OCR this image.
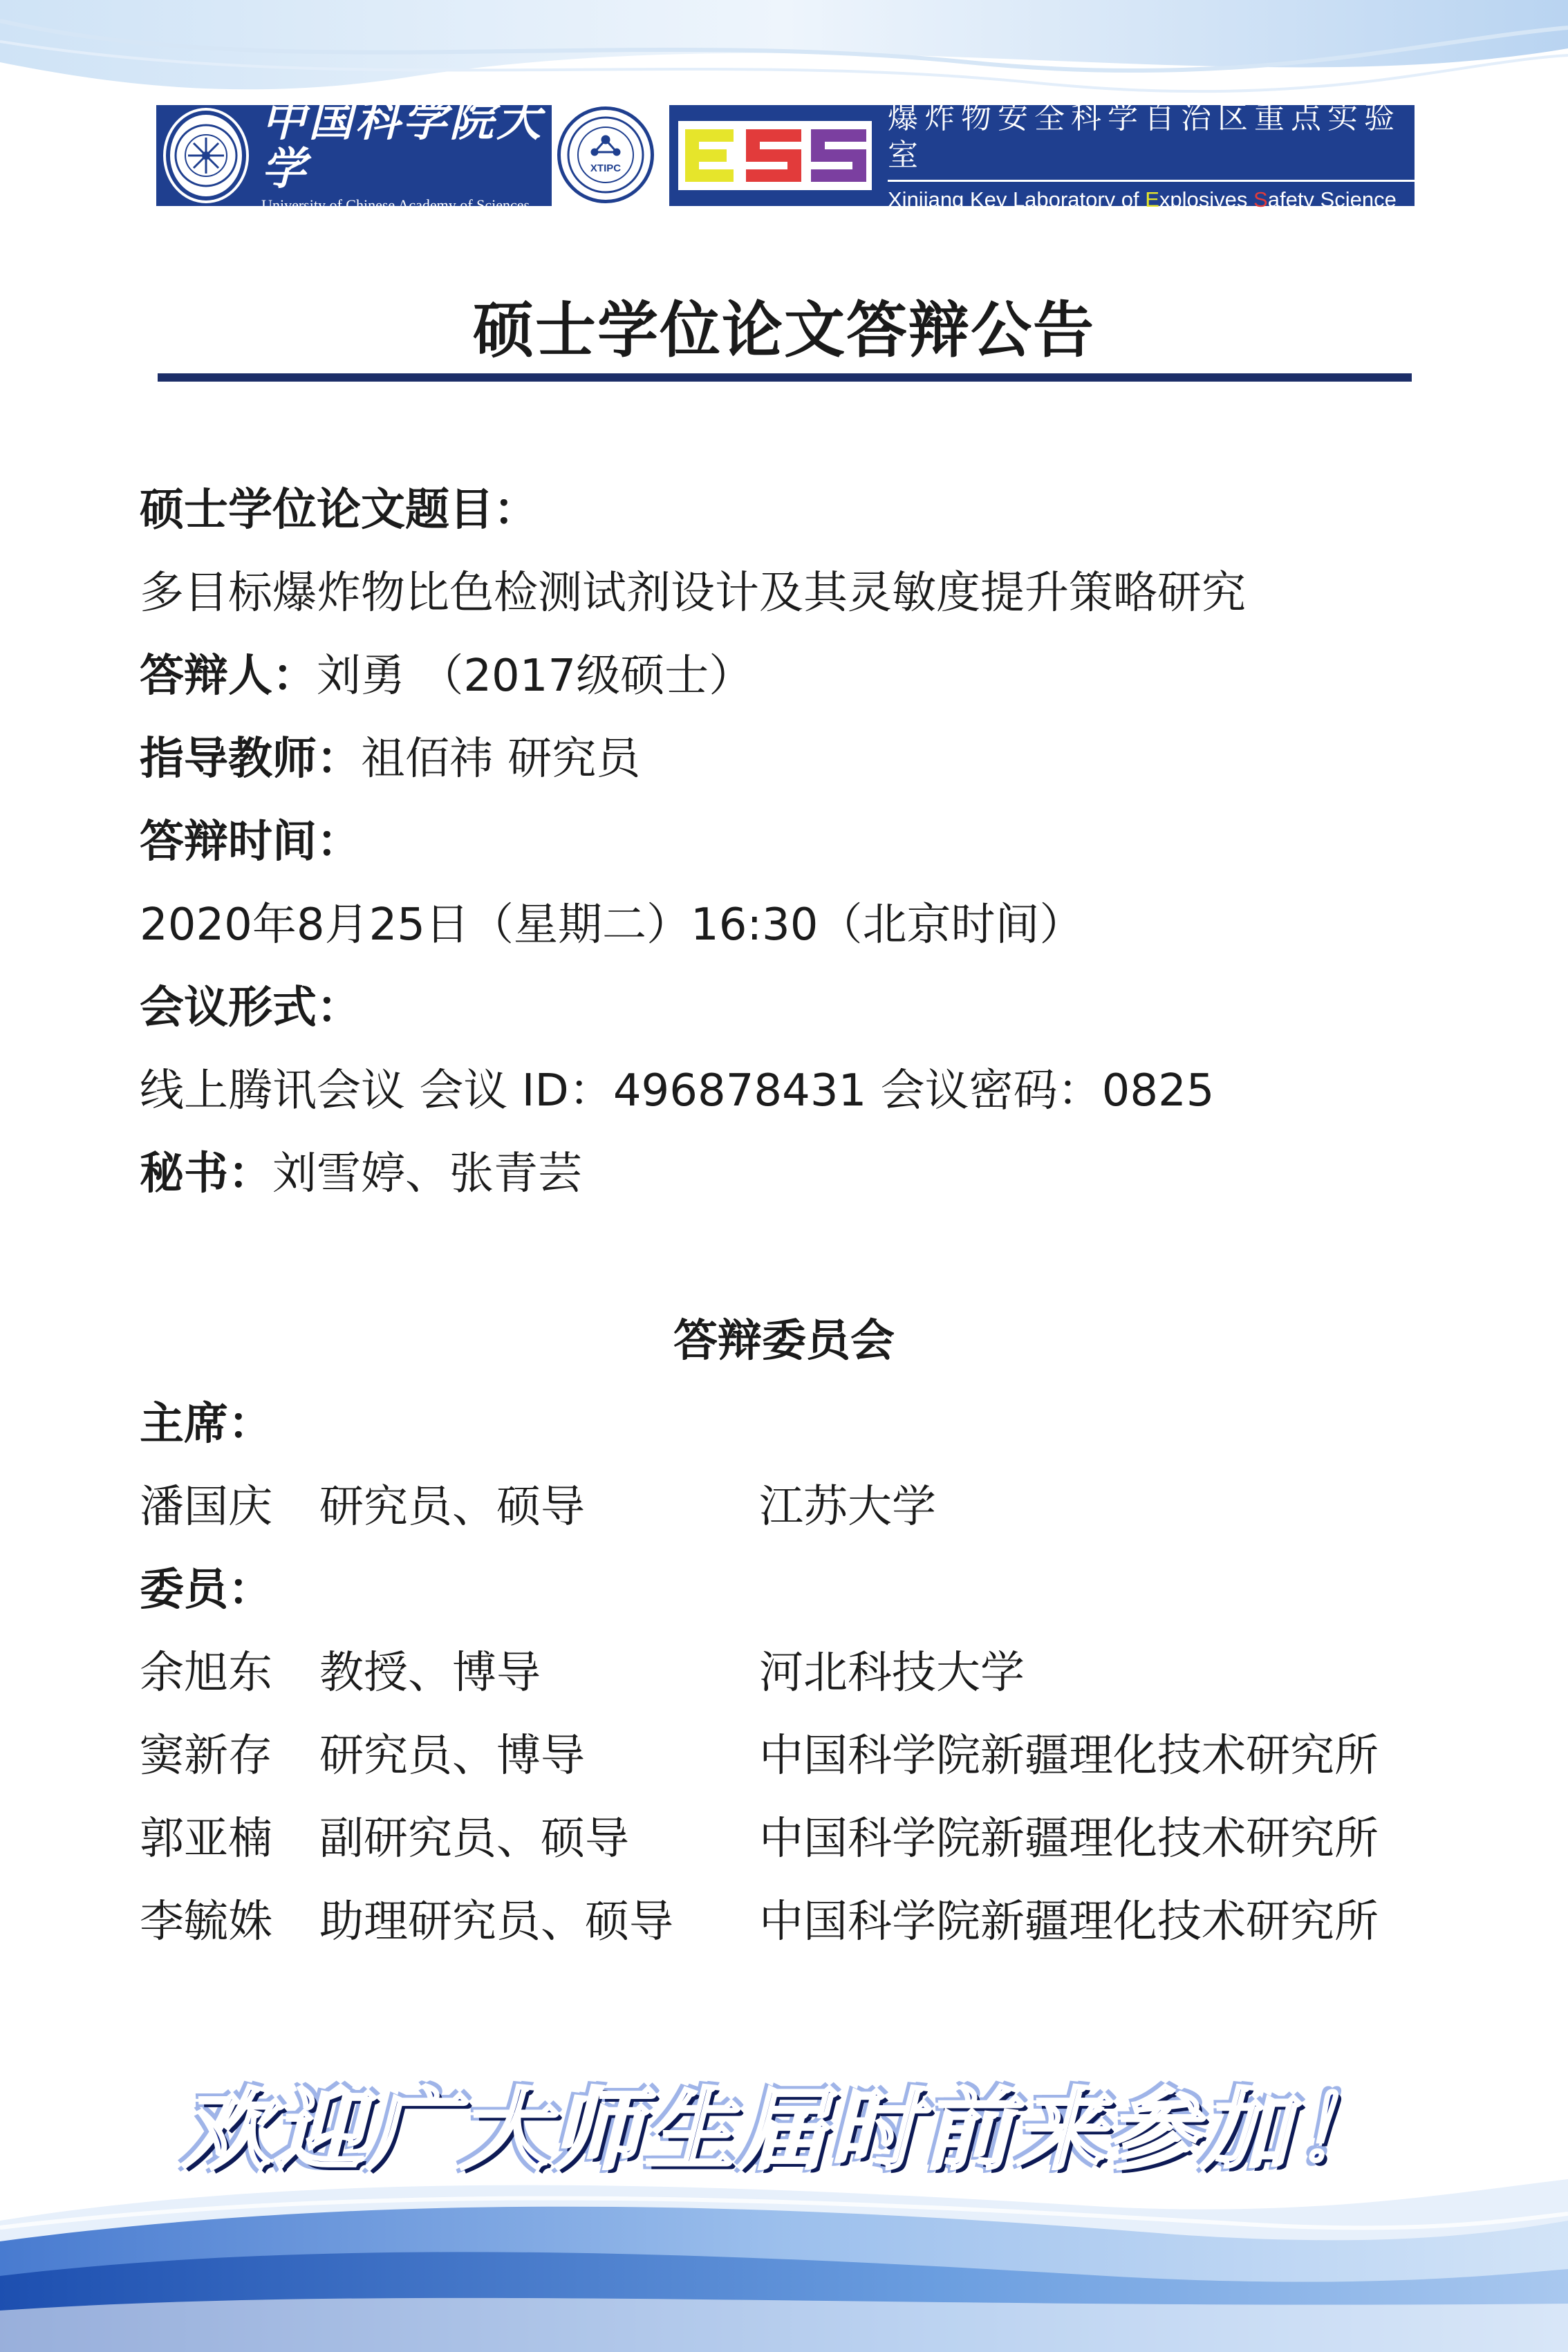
中国科学院大学
University of Chinese Academy of Sciences
XTIPC
爆炸物安全科学自治区重点实验室
Xinjiang Key Laboratory of Explosives Safety Science
硕士学位论文答辩公告
硕士学位论文题目：
多目标爆炸物比色检测试剂设计及其灵敏度提升策略研究
答辩人：刘勇 （2017级硕士）
指导教师：祖佰祎 研究员
答辩时间：
2020年8月25日（星期二）16:30（北京时间）
会议形式：
线上腾讯会议 会议 ID：496878431 会议密码：0825
秘书：刘雪婷、张青芸
答辩委员会
主席：
潘国庆 研究员、硕导	江苏大学
委员：
余旭东 教授、博导	河北科技大学
窦新存 研究员、博导	中国科学院新疆理化技术研究所
郭亚楠 副研究员、硕导	中国科学院新疆理化技术研究所
李毓姝 助理研究员、硕导 中国科学院新疆理化技术研究所
欢迎广大师生届时前来参加！
